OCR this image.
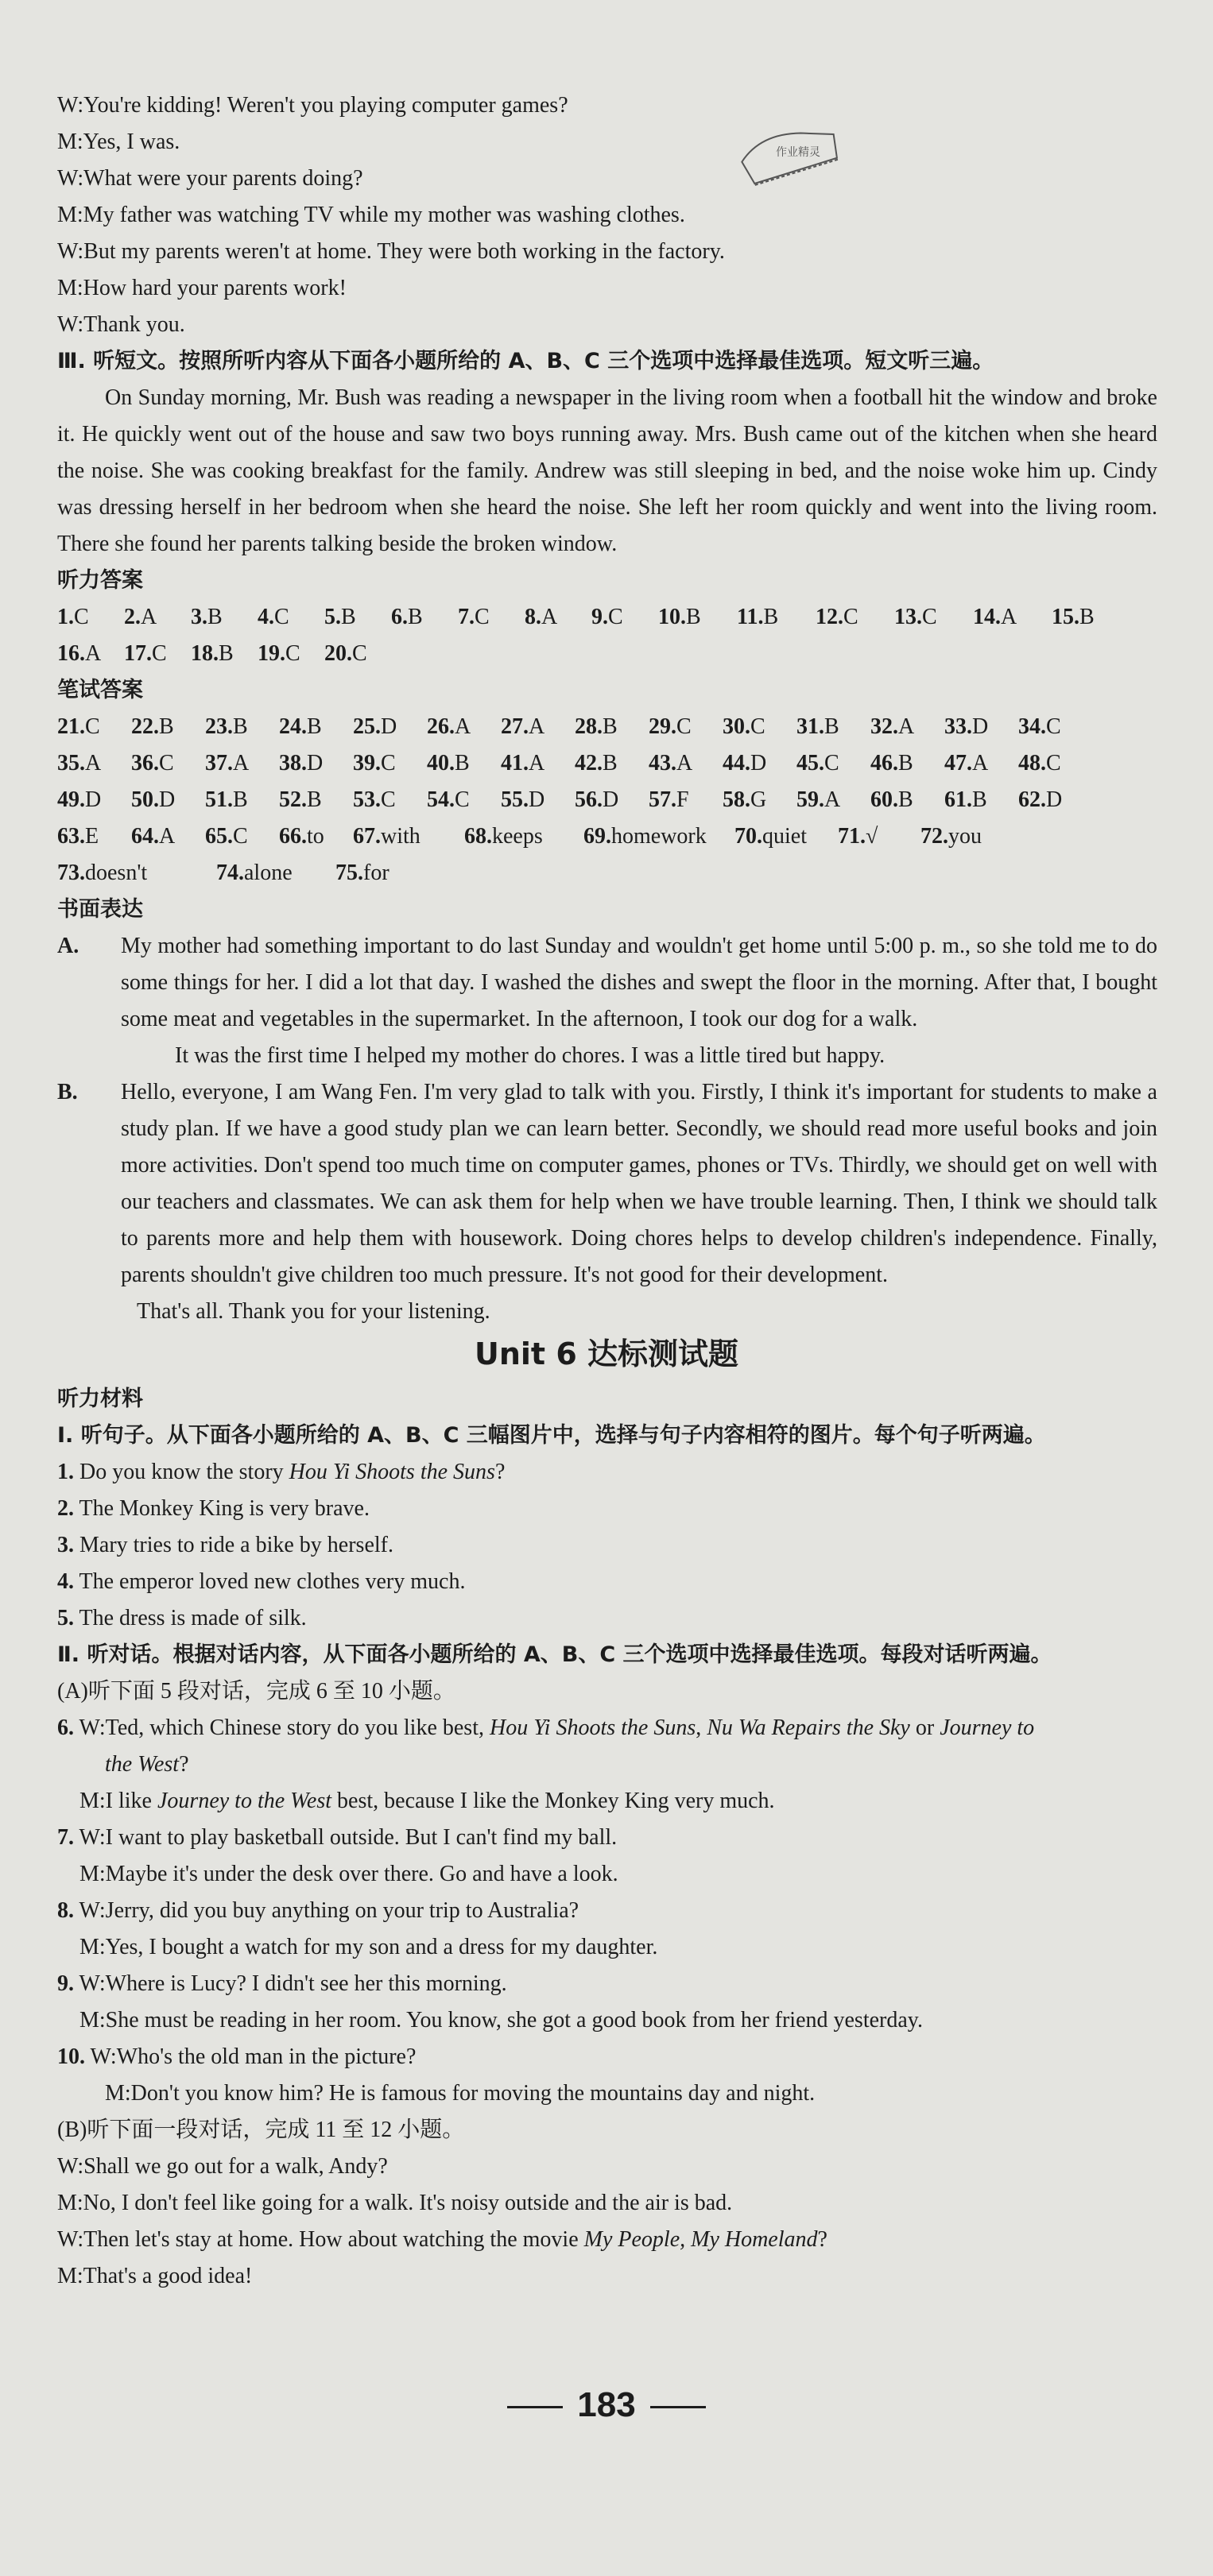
作业精灵
W:You're kidding! Weren't you playing computer games?
M:Yes, I was.
W:What were your parents doing?
M:My father was watching TV while my mother was washing clothes.
W:But my parents weren't at home. They were both working in the factory.
M:How hard your parents work!
W:Thank you.
Ⅲ. 听短文。按照所听内容从下面各小题所给的 A、B、C 三个选项中选择最佳选项。短文听三遍。
On Sunday morning, Mr. Bush was reading a newspaper in the living room when a football hit the window and broke it. He quickly went out of the house and saw two boys running away. Mrs. Bush came out of the kitchen when she heard the noise. She was cooking breakfast for the family. Andrew was still sleeping in bed, and the noise woke him up. Cindy was dressing herself in her bedroom when she heard the noise. She left her room quickly and went into the living room. There she found her parents talking beside the broken window.
听力答案
1.C	2.A	3.B	4.C	5.B	6.B	7.C	8.A	9.C	10.B	11.B	12.C	13.C	14.A	15.B
16.A	17.C	18.B	19.C	20.C
笔试答案
21.C	22.B	23.B	24.B	25.D	26.A	27.A	28.B	29.C	30.C	31.B	32.A	33.D	34.C
35.A	36.C	37.A	38.D	39.C	40.B	41.A	42.B	43.A	44.D	45.C	46.B	47.A	48.C
49.D	50.D	51.B	52.B	53.C	54.C	55.D	56.D	57.F	58.G	59.A	60.B	61.B	62.D
63.E	64.A	65.C	66.to	67.with	68.keeps	69.homework	70.quiet	71.√	72.you
73.doesn't	74.alone	75.for
书面表达
A.	My mother had something important to do last Sunday and wouldn't get home until 5:00 p. m., so she told me to do some things for her. I did a lot that day. I washed the dishes and swept the floor in the morning. After that, I bought some meat and vegetables in the supermarket. In the afternoon, I took our dog for a walk.
It was the first time I helped my mother do chores. I was a little tired but happy.
B.	Hello, everyone, I am Wang Fen. I'm very glad to talk with you. Firstly, I think it's important for students to make a study plan. If we have a good study plan we can learn better. Secondly, we should read more useful books and join more activities. Don't spend too much time on computer games, phones or TVs. Thirdly, we should get on well with our teachers and classmates. We can ask them for help when we have trouble learning. Then, I think we should talk to parents more and help them with housework. Doing chores helps to develop children's independence. Finally, parents shouldn't give children too much pressure. It's not good for their development.
That's all. Thank you for your listening.
Unit 6 达标测试题
听力材料
Ⅰ. 听句子。从下面各小题所给的 A、B、C 三幅图片中，选择与句子内容相符的图片。每个句子听两遍。
1. Do you know the story Hou Yi Shoots the Suns?
2. The Monkey King is very brave.
3. Mary tries to ride a bike by herself.
4. The emperor loved new clothes very much.
5. The dress is made of silk.
Ⅱ. 听对话。根据对话内容，从下面各小题所给的 A、B、C 三个选项中选择最佳选项。每段对话听两遍。
(A)听下面 5 段对话，完成 6 至 10 小题。
6. W:Ted, which Chinese story do you like best, Hou Yi Shoots the Suns, Nu Wa Repairs the Sky or Journey to
the West?
M:I like Journey to the West best, because I like the Monkey King very much.
7. W:I want to play basketball outside. But I can't find my ball.
M:Maybe it's under the desk over there. Go and have a look.
8. W:Jerry, did you buy anything on your trip to Australia?
M:Yes, I bought a watch for my son and a dress for my daughter.
9. W:Where is Lucy? I didn't see her this morning.
M:She must be reading in her room. You know, she got a good book from her friend yesterday.
10. W:Who's the old man in the picture?
M:Don't you know him? He is famous for moving the mountains day and night.
(B)听下面一段对话，完成 11 至 12 小题。
W:Shall we go out for a walk, Andy?
M:No, I don't feel like going for a walk. It's noisy outside and the air is bad.
W:Then let's stay at home. How about watching the movie My People, My Homeland?
M:That's a good idea!
183
